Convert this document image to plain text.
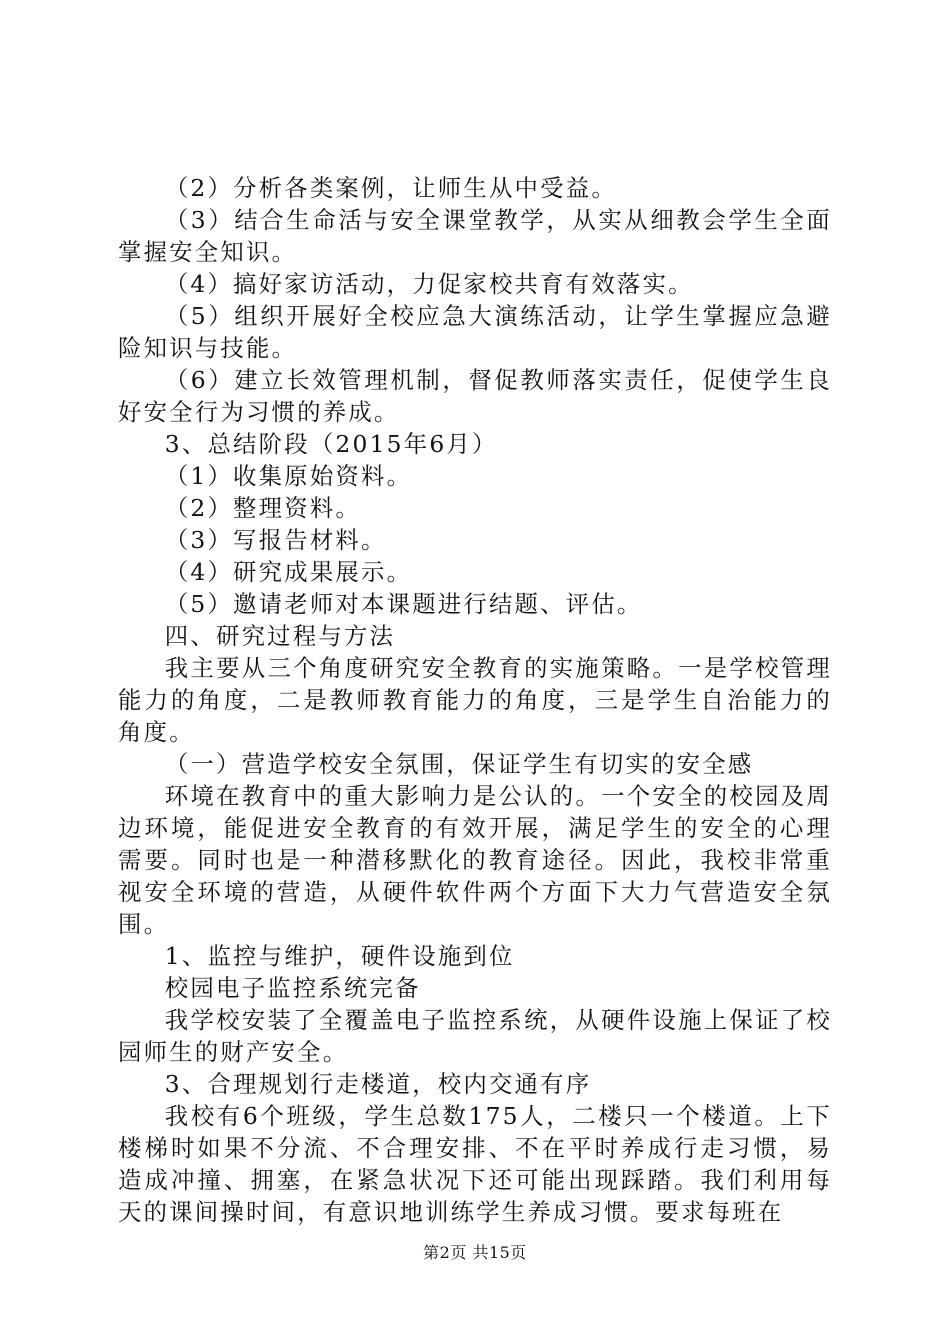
（2）分析各类案例，让师生从中受益。

（3）结合生命活与安全课堂教学，从实从细教会学生全面掌握安全知识。

（4）搞好家访活动，力促家校共育有效落实。

（5）组织开展好全校应急大演练活动，让学生掌握应急避险知识与技能。

（6）建立长效管理机制，督促教师落实责任，促使学生良好安全行为习惯的养成。

3、总结阶段（2015年6月）

（1）收集原始资料。

（2）整理资料。

（3）写报告材料。

（4）研究成果展示。

（5）邀请老师对本课题进行结题、评估。

四、研究过程与方法

我主要从三个角度研究安全教育的实施策略。一是学校管理能力的角度，二是教师教育能力的角度，三是学生自治能力的角度。

（一）营造学校安全氛围，保证学生有切实的安全感

环境在教育中的重大影响力是公认的。一个安全的校园及周边环境，能促进安全教育的有效开展，满足学生的安全的心理需要。同时也是一种潜移默化的教育途径。因此，我校非常重视安全环境的营造，从硬件软件两个方面下大力气营造安全氛围。

1、监控与维护，硬件设施到位

校园电子监控系统完备

我学校安装了全覆盖电子监控系统，从硬件设施上保证了校园师生的财产安全。

3、合理规划行走楼道，校内交通有序

我校有6个班级，学生总数175人，二楼只一个楼道。上下楼梯时如果不分流、不合理安排、不在平时养成行走习惯，易造成冲撞、拥塞，在紧急状况下还可能出现踩踏。我们利用每天的课间操时间，有意识地训练学生养成习惯。要求每班在

第2页 共15页
